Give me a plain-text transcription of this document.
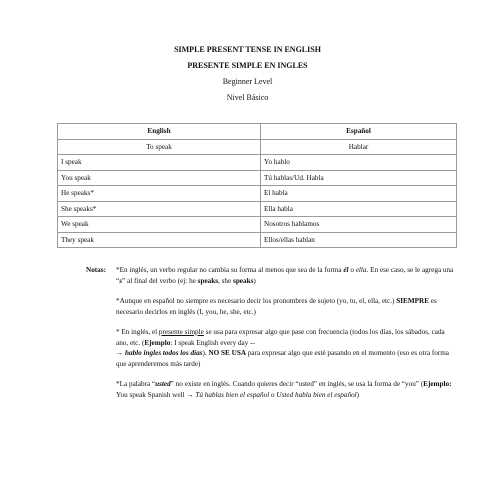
SIMPLE PRESENT TENSE IN ENGLISH
PRESENTE SIMPLE EN INGLES
Beginner Level
Nivel Básico
English	Español
To speak	Hablar
I speak	Yo hablo
You speak	Tú hablas/Ud. Habla
He speaks*	El habla
She speaks*	Ella habla
We speak	Nosotros hablamos
They speak	Ellos/ellas hablan
Notas: *En inglés, un verbo regular no cambia su forma al menos que sea de la forma él o ella. En ese caso, se le agrega una “s” al final del verbo (ej: he speaks, she speaks)

*Aunque en español no siempre es necesario decir los pronombres de sujeto (yo, tu, el, ella, etc.) SIEMPRE es necesario decirlos en inglés (I, you, he, she, etc.)

* En inglés, el presente simple se usa para expresar algo que pase con frecuencia (todos los días, los sábados, cada ano, etc. (Ejemplo: I speak English every day --
→ hablo ingles todos los días). NO SE USA para expresar algo que esté pasando en el momento (eso es otra forma que aprenderemos más tarde)

*La palabra “usted” no existe en inglés. Cuando quieres decir “usted” en inglés, se usa la forma de “you” (Ejemplo: You speak Spanish well → Tú hablas bien el español o Usted habla bien el español)
